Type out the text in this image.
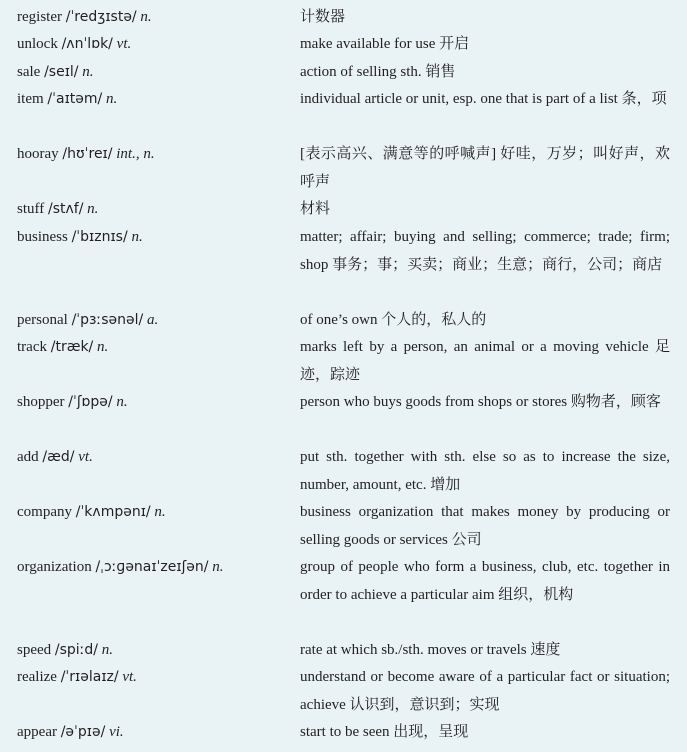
register /ˈredʒɪstə/ n.	计数器
unlock /ʌnˈlɒk/ vt.	make available for use 开启
sale /seɪl/ n.	action of selling sth. 销售
item /ˈaɪtəm/ n.	individual article or unit, esp. one that is part of a list 条，项
hooray /hʊˈreɪ/ int., n.	[表示高兴、满意等的呼喊声] 好哇，万岁；叫好声，欢呼声
stuff /stʌf/ n.	材料
business /ˈbɪznɪs/ n.	matter; affair; buying and selling; commerce; trade; firm; shop 事务；事；买卖；商业；生意；商行，公司；商店
personal /ˈpɜːsənəl/ a.	of one’s own 个人的，私人的
track /træk/ n.	marks left by a person, an animal or a moving vehicle 足迹，踪迹
shopper /ˈʃɒpə/ n.	person who buys goods from shops or stores 购物者，顾客
add /æd/ vt.	put sth. together with sth. else so as to increase the size, number, amount, etc. 增加
company /ˈkʌmpənɪ/ n.	business organization that makes money by producing or selling goods or services 公司
organization /ˌɔːɡənaɪˈzeɪʃən/ n.	group of people who form a business, club, etc. together in order to achieve a particular aim 组织，机构
speed /spiːd/ n.	rate at which sb./sth. moves or travels 速度
realize /ˈrɪəlaɪz/ vt.	understand or become aware of a particular fact or situation; achieve 认识到，意识到；实现
appear /əˈpɪə/ vi.	start to be seen 出现，呈现
